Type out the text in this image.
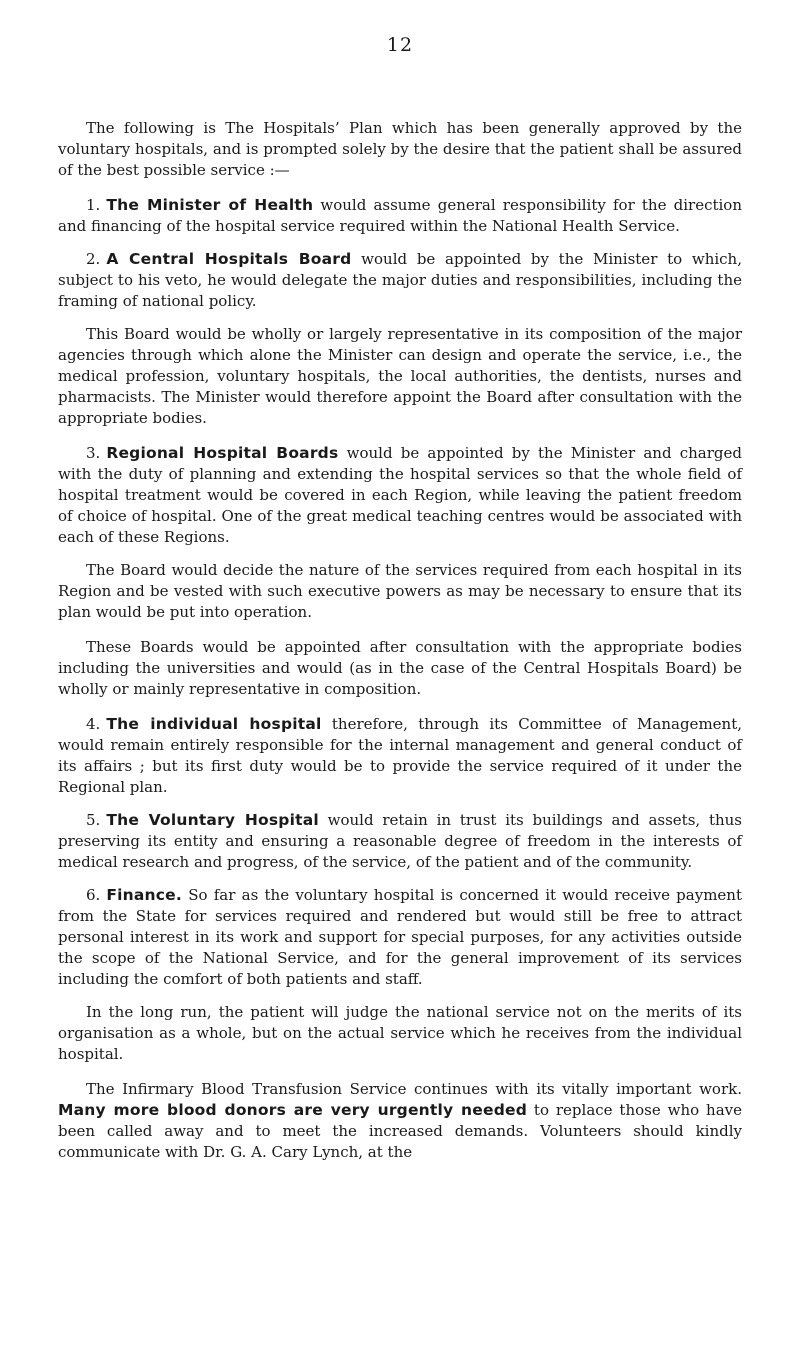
12

The following is The Hospitals’ Plan which has been generally approved by the voluntary hospitals, and is prompted solely by the desire that the patient shall be assured of the best possible service :—

1. The Minister of Health would assume general responsibility for the direction and financing of the hospital service required within the National Health Service.

2. A Central Hospitals Board would be appointed by the Minister to which, subject to his veto, he would delegate the major duties and responsibilities, including the framing of national policy.

This Board would be wholly or largely representative in its composition of the major agencies through which alone the Minister can design and operate the service, i.e., the medical profession, voluntary hospitals, the local authorities, the dentists, nurses and pharmacists. The Minister would therefore appoint the Board after consultation with the appropriate bodies.

3. Regional Hospital Boards would be appointed by the Minister and charged with the duty of planning and extending the hospital services so that the whole field of hospital treatment would be covered in each Region, while leaving the patient freedom of choice of hospital. One of the great medical teaching centres would be associated with each of these Regions.

The Board would decide the nature of the services required from each hospital in its Region and be vested with such executive powers as may be necessary to ensure that its plan would be put into operation.

These Boards would be appointed after consultation with the appropriate bodies including the universities and would (as in the case of the Central Hospitals Board) be wholly or mainly representative in composition.

4. The individual hospital therefore, through its Committee of Management, would remain entirely responsible for the internal management and general conduct of its affairs ; but its first duty would be to provide the service required of it under the Regional plan.

5. The Voluntary Hospital would retain in trust its buildings and assets, thus preserving its entity and ensuring a reasonable degree of freedom in the interests of medical research and progress, of the service, of the patient and of the community.

6. Finance. So far as the voluntary hospital is concerned it would receive payment from the State for services required and rendered but would still be free to attract personal interest in its work and support for special purposes, for any activities outside the scope of the National Service, and for the general improvement of its services including the comfort of both patients and staff.

In the long run, the patient will judge the national service not on the merits of its organisation as a whole, but on the actual service which he receives from the individual hospital.

The Infirmary Blood Transfusion Service continues with its vitally important work. Many more blood donors are very urgently needed to replace those who have been called away and to meet the increased demands. Volunteers should kindly communicate with Dr. G. A. Cary Lynch, at the
